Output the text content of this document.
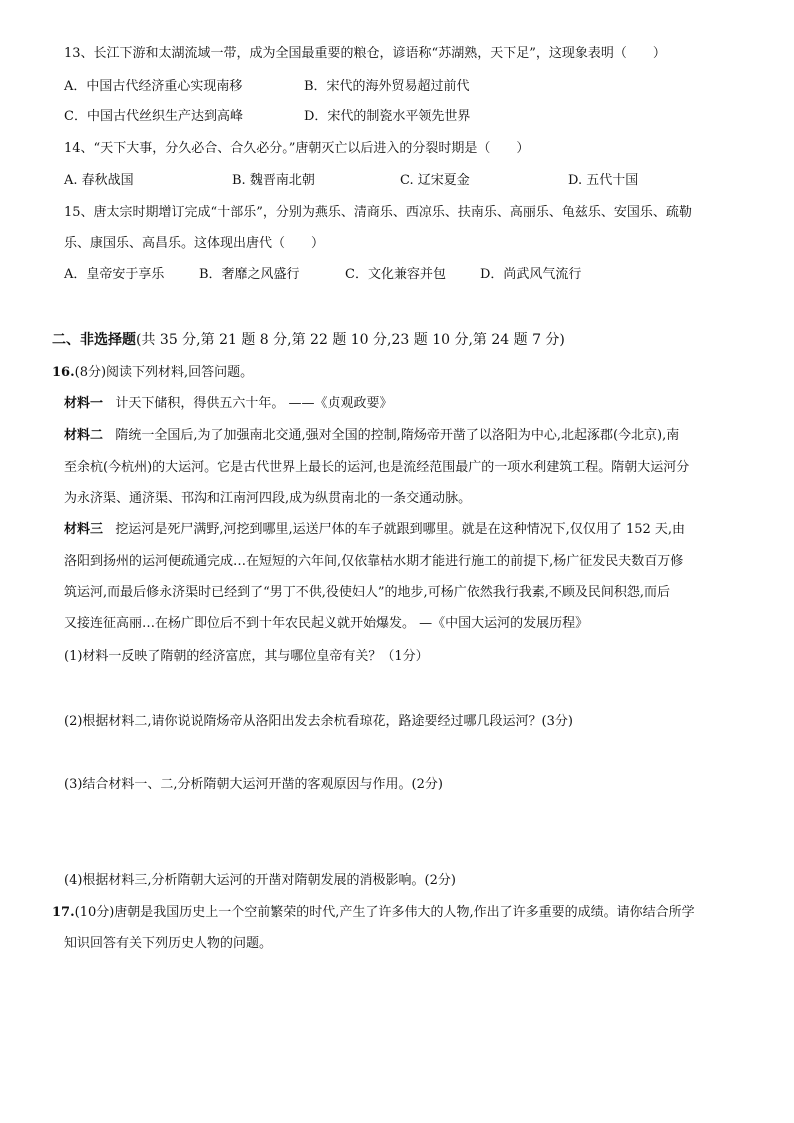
13、长江下游和太湖流域一带，成为全国最重要的粮仓，谚语称“苏湖熟，天下足”，这现象表明（　　）
A．中国古代经济重心实现南移	B．宋代的海外贸易超过前代
C．中国古代丝织生产达到高峰	D．宋代的制瓷水平领先世界
14、“天下大事，分久必合、合久必分。”唐朝灭亡以后进入的分裂时期是（　　）
A. 春秋战国	B. 魏晋南北朝	C. 辽宋夏金	D. 五代十国
15、唐太宗时期增订完成“十部乐”，分别为燕乐、清商乐、西凉乐、扶南乐、高丽乐、龟兹乐、安国乐、疏勒
乐、康国乐、高昌乐。这体现出唐代（　　）
A．皇帝安于享乐	B．奢靡之风盛行	C．文化兼容并包	D．尚武风气流行
二、非选择题(共 35 分,第 21 题 8 分,第 22 题 10 分,23 题 10 分,第 24 题 7 分)
16.(8分)阅读下列材料,回答问题。
材料一 计天下储积，得供五六十年。 ——《贞观政要》
材料二 隋统一全国后,为了加强南北交通,强对全国的控制,隋炀帝开凿了以洛阳为中心,北起涿郡(今北京),南
至余杭(今杭州)的大运河。它是古代世界上最长的运河,也是流经范围最广的一项水利建筑工程。隋朝大运河分
为永济渠、通济渠、邗沟和江南河四段,成为纵贯南北的一条交通动脉。
材料三 挖运河是死尸满野,河挖到哪里,运送尸体的车子就跟到哪里。就是在这种情况下,仅仅用了 152 天,由
洛阳到扬州的运河便疏通完成…在短短的六年间,仅依靠枯水期才能进行施工的前提下,杨广征发民夫数百万修
筑运河,而最后修永济渠时已经到了“男丁不供,役使妇人”的地步,可杨广依然我行我素,不顾及民间积怨,而后
又接连征高丽…在杨广即位后不到十年农民起义就开始爆发。 —《中国大运河的发展历程》
(1)材料一反映了隋朝的经济富庶，其与哪位皇帝有关？（1分）
(2)根据材料二,请你说说隋炀帝从洛阳出发去余杭看琼花，路途要经过哪几段运河？(3分)
(3)结合材料一、二,分析隋朝大运河开凿的客观原因与作用。(2分)
(4)根据材料三,分析隋朝大运河的开凿对隋朝发展的消极影响。(2分)
17.(10分)唐朝是我国历史上一个空前繁荣的时代,产生了许多伟大的人物,作出了许多重要的成绩。请你结合所学
知识回答有关下列历史人物的问题。
